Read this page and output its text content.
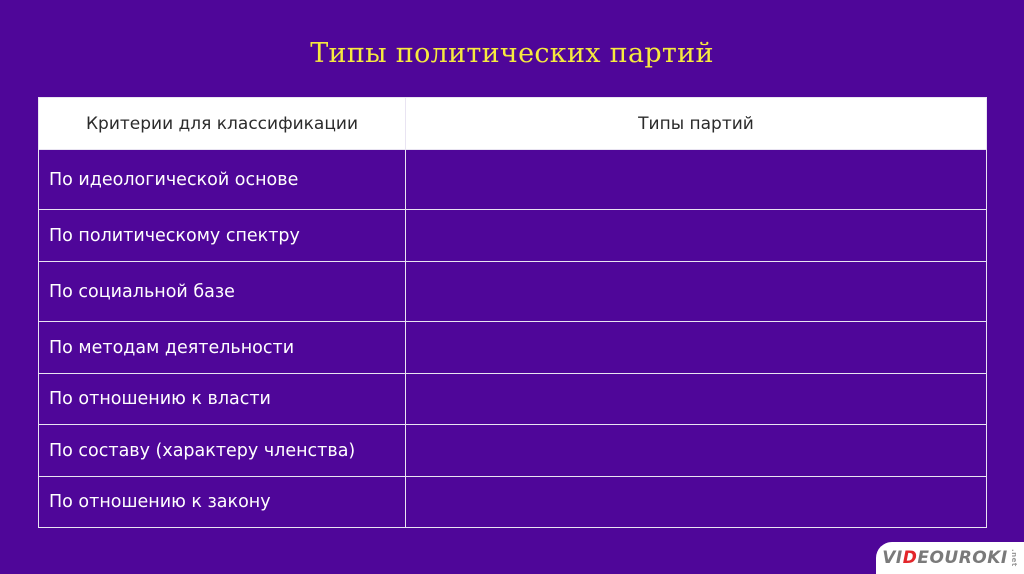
Типы политических партий
Критерии для классификации	Типы партий
По идеологической основе	
По политическому спектру	
По социальной базе	
По методам деятельности	
По отношению к власти	
По составу (характеру членства)	
По отношению к закону	
VI D EOUROKI .net
